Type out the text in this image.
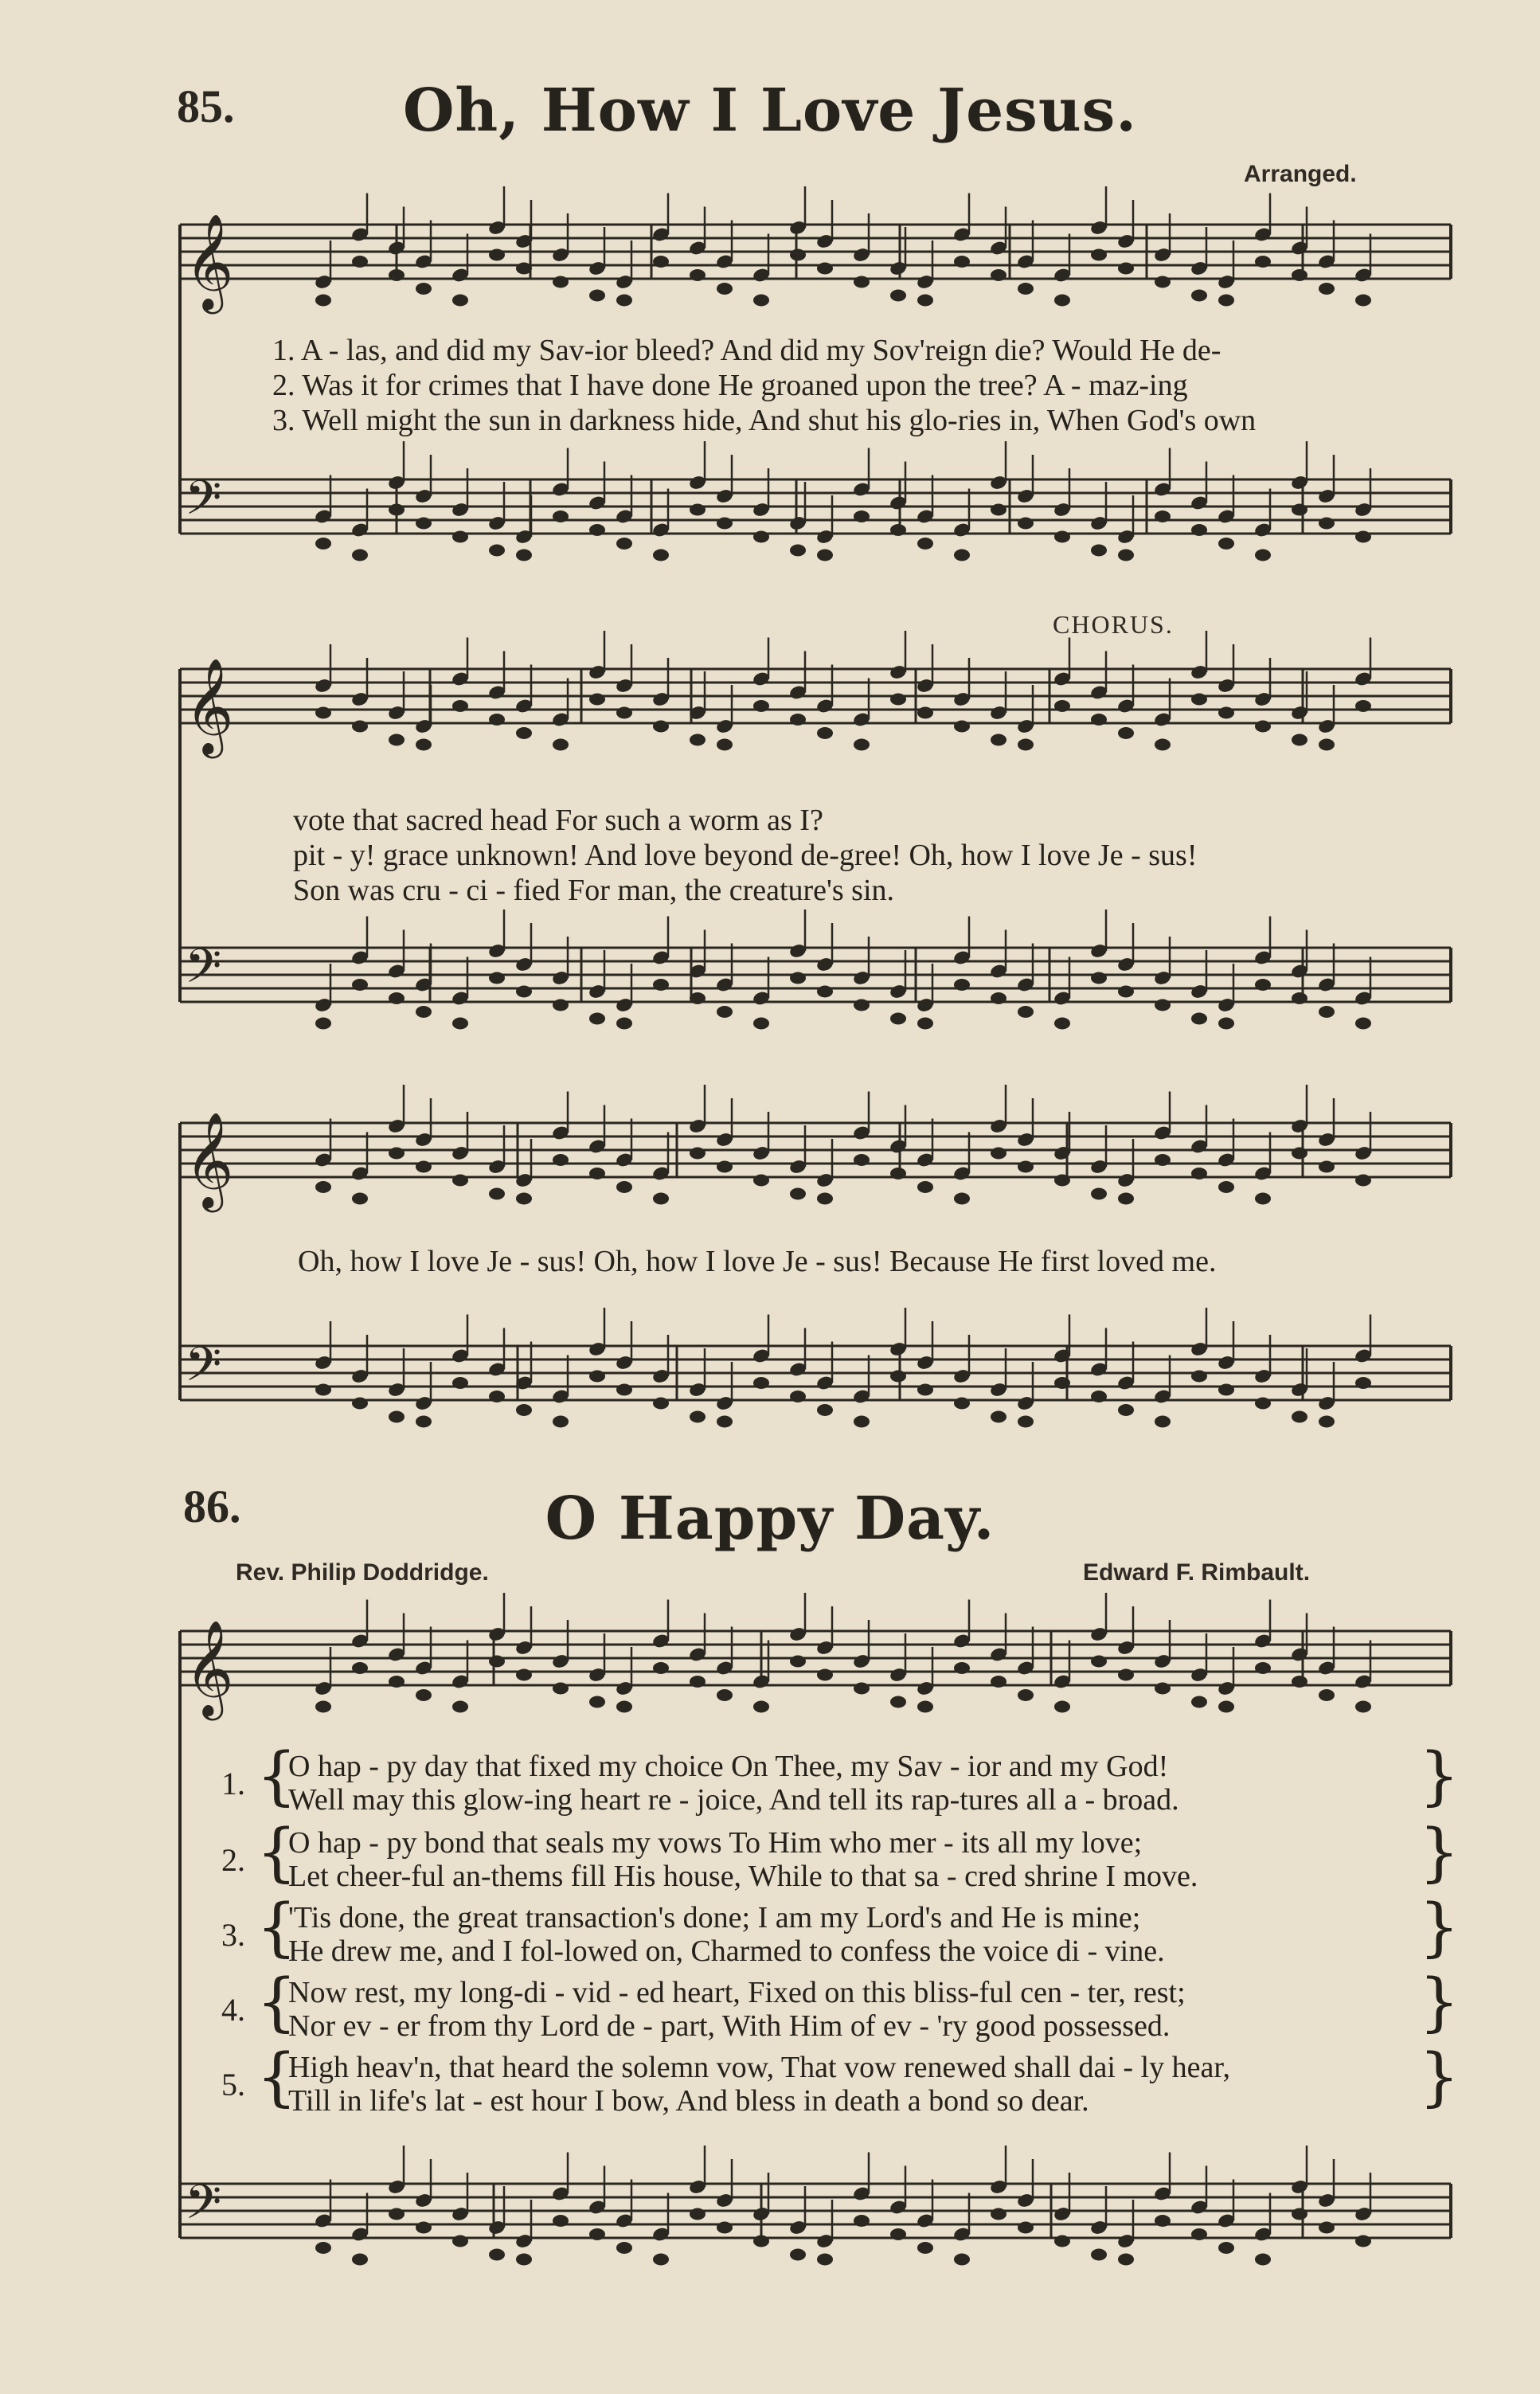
85.	Oh, How I Love Jesus.
Arranged.
𝄞
𝄢
𝄞
𝄢
𝄞
𝄢
𝄞
𝄢
1. A - las, and did my Sav-ior bleed? And did my Sov'reign die? Would He de-
2. Was it for crimes that I have done He groaned upon the tree? A - maz-ing
3. Well might the sun in darkness hide, And shut his glo-ries in, When God's own
CHORUS.
vote that sacred head For such a worm as I?
pit - y! grace unknown! And love beyond de-gree! Oh, how I love Je - sus!
Son was cru - ci - fied For man, the creature's sin.
Oh, how I love Je - sus! Oh, how I love Je - sus! Because He first loved me.
86.	O Happy Day.
Rev. Philip Doddridge.	Edward F. Rimbault.
1. {
O hap - py day that fixed my choice On Thee, my Sav - ior and my God!
Well may this glow-ing heart re - joice, And tell its rap-tures all a - broad.	}
2. {
O hap - py bond that seals my vows To Him who mer - its all my love;
Let cheer-ful an-thems fill His house, While to that sa - cred shrine I move.	}
3. {
'Tis done, the great transaction's done; I am my Lord's and He is mine;
He drew me, and I fol-lowed on, Charmed to confess the voice di - vine.	}
4. {
Now rest, my long-di - vid - ed heart, Fixed on this bliss-ful cen - ter, rest;
Nor ev - er from thy Lord de - part, With Him of ev - 'ry good possessed.	}
5. {
High heav'n, that heard the solemn vow, That vow renewed shall dai - ly hear,
Till in life's lat - est hour I bow, And bless in death a bond so dear.	}
